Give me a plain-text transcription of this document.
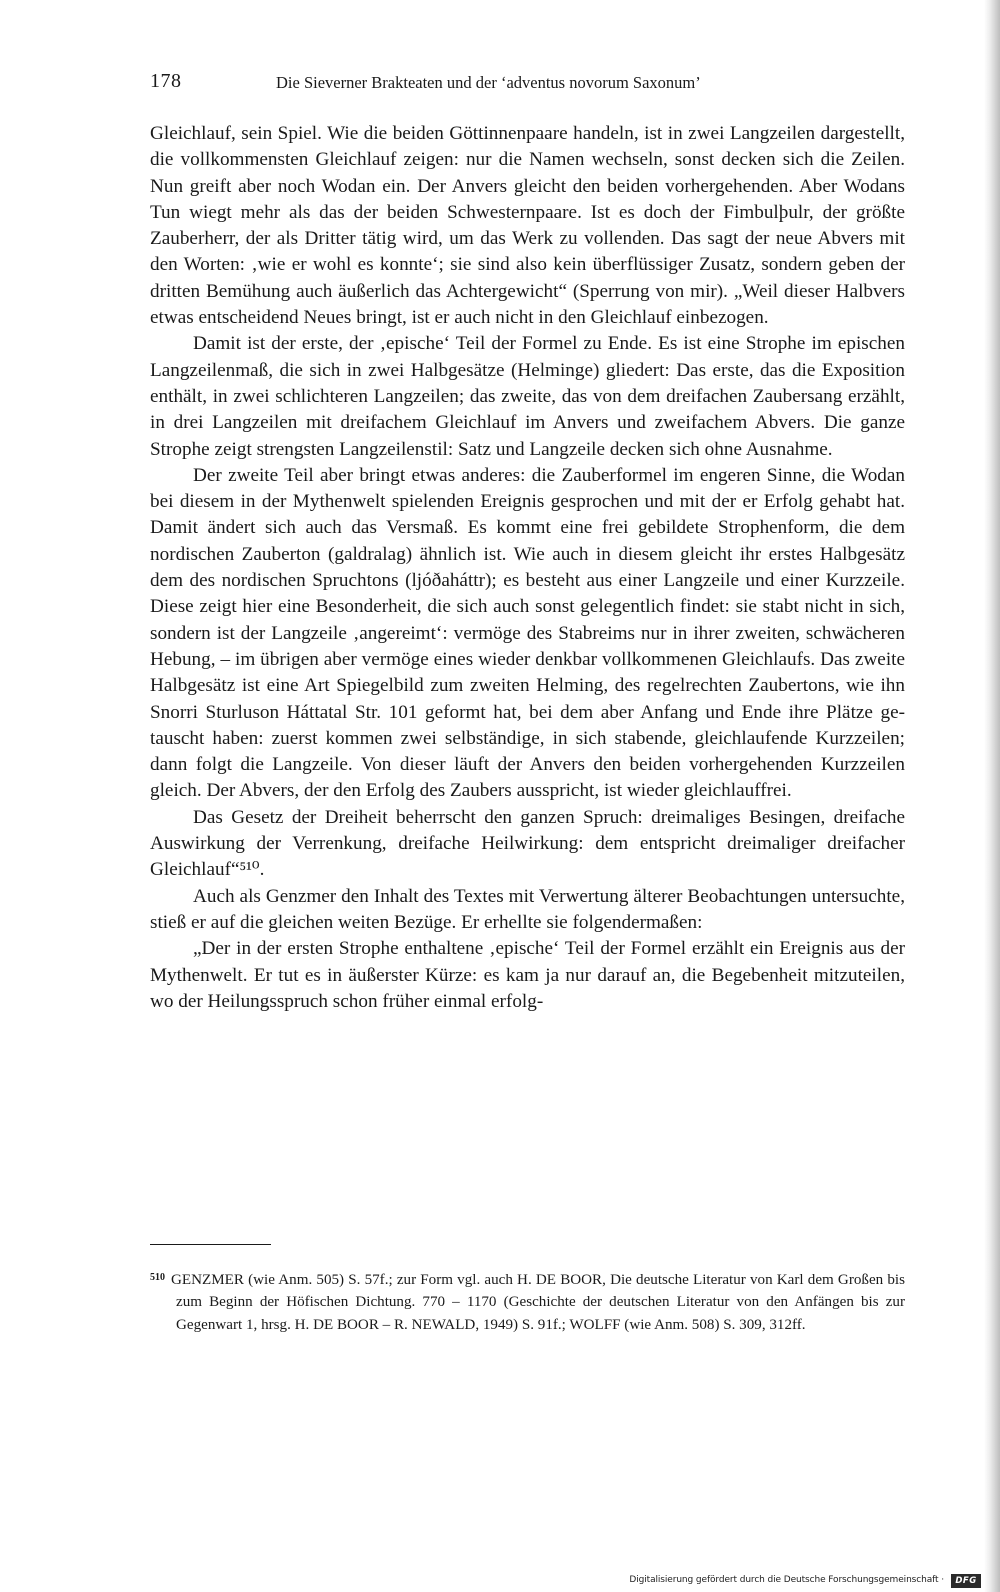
178	Die Sieverner Brakteaten und der ‘adventus novorum Saxonum’

Gleichlauf, sein Spiel. Wie die beiden Göttinnenpaare handeln, ist in zwei Langzeilen dargestellt, die vollkommensten Gleichlauf zeigen: nur die Namen wechseln, sonst decken sich die Zeilen. Nun greift aber noch Wodan ein. Der Anvers gleicht den beiden vorhergehenden. Aber Wodans Tun wiegt mehr als das der beiden Schwesternpaare. Ist es doch der Fimbulþulr, der größte Zauberherr, der als Dritter tätig wird, um das Werk zu vollenden. Das sagt der neue Abvers mit den Worten: ‚wie er wohl es konnte‘; sie sind also kein überflüssiger Zusatz, sondern geben der dritten Bemühung auch äußerlich das Achtergewicht“ (Sperrung von mir). „Weil dieser Halbvers etwas entscheidend Neues bringt, ist er auch nicht in den Gleichlauf einbezogen.

Damit ist der erste, der ‚epische‘ Teil der Formel zu Ende. Es ist eine Strophe im epischen Langzeilenmaß, die sich in zwei Halbgesätze (Helminge) gliedert: Das erste, das die Exposition enthält, in zwei schlichteren Langzeilen; das zweite, das von dem dreifachen Zaubersang erzählt, in drei Langzeilen mit dreifachem Gleichlauf im Anvers und zweifachem Abvers. Die ganze Strophe zeigt strengsten Langzeilenstil: Satz und Langzeile decken sich ohne Ausnahme.

Der zweite Teil aber bringt etwas anderes: die Zauberformel im engeren Sinne, die Wodan bei diesem in der Mythenwelt spielenden Ereignis gesprochen und mit der er Erfolg gehabt hat. Damit ändert sich auch das Versmaß. Es kommt eine frei gebildete Strophenform, die dem nordischen Zauberton (galdralag) ähnlich ist. Wie auch in diesem gleicht ihr erstes Halbgesätz dem des nordischen Spruchtons (ljóðaháttr); es besteht aus einer Langzeile und einer Kurzzeile. Diese zeigt hier eine Besonderheit, die sich auch sonst gelegentlich findet: sie stabt nicht in sich, sondern ist der Langzeile ‚angereimt‘: vermöge des Stabreims nur in ihrer zweiten, schwächeren Hebung, – im übrigen aber vermöge eines wieder denkbar vollkommenen Gleichlaufs. Das zweite Halbgesätz ist eine Art Spiegelbild zum zweiten Helming, des regelrechten Zaubertons, wie ihn Snorri Sturluson Háttatal Str. 101 geformt hat, bei dem aber Anfang und Ende ihre Plätze getauscht haben: zuerst kommen zwei selbständige, in sich stabende, gleichlaufende Kurzzeilen; dann folgt die Langzeile. Von dieser läuft der Anvers den beiden vorhergehenden Kurzzeilen gleich. Der Abvers, der den Erfolg des Zaubers ausspricht, ist wieder gleichlauffrei.

Das Gesetz der Dreiheit beherrscht den ganzen Spruch: dreimaliges Besingen, dreifache Auswirkung der Verrenkung, dreifache Heilwirkung: dem entspricht dreimaliger dreifacher Gleichlauf“⁵¹⁰.

Auch als Genzmer den Inhalt des Textes mit Verwertung älterer Beobachtungen untersuchte, stieß er auf die gleichen weiten Bezüge. Er erhellte sie folgendermaßen:

„Der in der ersten Strophe enthaltene ‚epische‘ Teil der Formel erzählt ein Ereignis aus der Mythenwelt. Er tut es in äußerster Kürze: es kam ja nur darauf an, die Begebenheit mitzuteilen, wo der Heilungsspruch schon früher einmal erfolg-

$^{510}$ GENZMER (wie Anm. 505) S. 57f.; zur Form vgl. auch H. DE BOOR, Die deutsche Literatur von Karl dem Großen bis zum Beginn der Höfischen Dichtung. 770 – 1170 (Geschichte der deutschen Literatur von den Anfängen bis zur Gegenwart 1, hrsg. H. DE BOOR – R. NEWALD, 1949) S. 91f.; WOLFF (wie Anm. 508) S. 309, 312ff.

Digitalisierung gefördert durch die Deutsche Forschungsgemeinschaft ·	DFG
